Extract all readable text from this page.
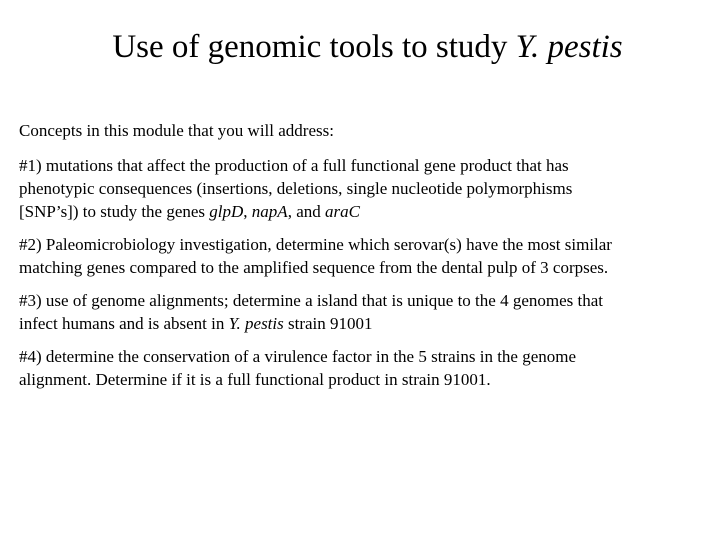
Use of genomic tools to study Y. pestis

Concepts in this module that you will address:

#1) mutations that affect the production of a full functional gene product that has
phenotypic consequences (insertions, deletions, single nucleotide polymorphisms
[SNP’s]) to study the genes glpD, napA, and araC

#2) Paleomicrobiology investigation, determine which serovar(s) have the most similar
matching genes compared to the amplified sequence from the dental pulp of 3 corpses.

#3) use of genome alignments; determine a island that is unique to the 4 genomes that
infect humans and is absent in Y. pestis strain 91001

#4) determine the conservation of a virulence factor in the 5 strains in the genome
alignment. Determine if it is a full functional product in strain 91001.
